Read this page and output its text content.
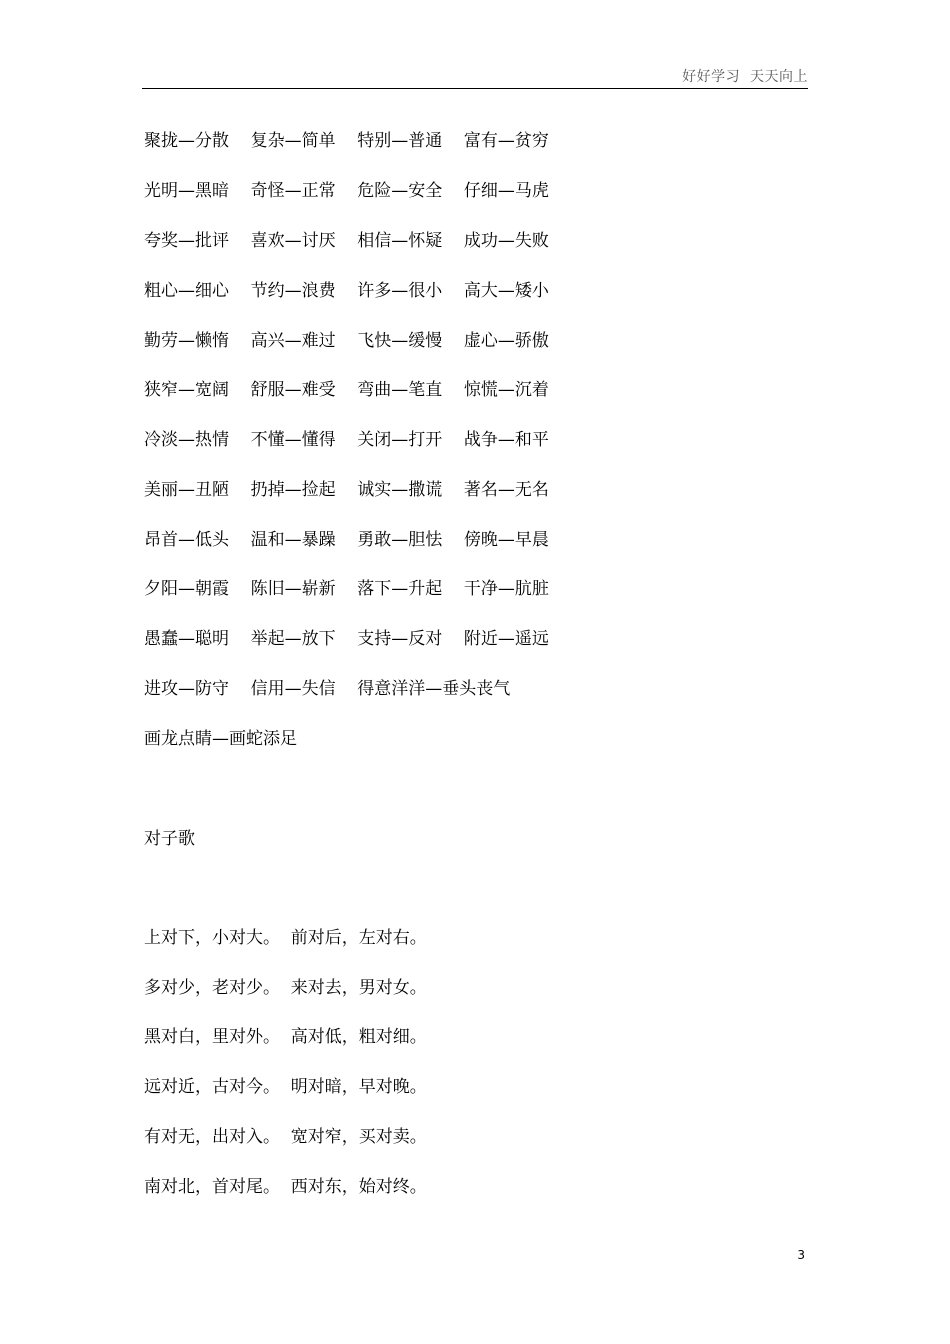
好好学习  天天向上
聚拢—分散    复杂—简单    特别—普通    富有—贫穷
光明—黑暗    奇怪—正常    危险—安全    仔细—马虎
夸奖—批评    喜欢—讨厌    相信—怀疑    成功—失败
粗心—细心    节约—浪费    许多—很小    高大—矮小
勤劳—懒惰    高兴—难过    飞快—缓慢    虚心—骄傲
狭窄—宽阔    舒服—难受    弯曲—笔直    惊慌—沉着
冷淡—热情    不懂—懂得    关闭—打开    战争—和平
美丽—丑陋    扔掉—捡起    诚实—撒谎    著名—无名
昂首—低头    温和—暴躁    勇敢—胆怯    傍晚—早晨
夕阳—朝霞    陈旧—崭新    落下—升起    干净—肮脏
愚蠢—聪明    举起—放下    支持—反对    附近—遥远
进攻—防守    信用—失信    得意洋洋—垂头丧气
画龙点睛—画蛇添足
对子歌
上对下，小对大。  前对后，左对右。
多对少，老对少。  来对去，男对女。
黑对白，里对外。  高对低，粗对细。
远对近，古对今。  明对暗，早对晚。
有对无，出对入。  宽对窄，买对卖。
南对北，首对尾。  西对东，始对终。
3
